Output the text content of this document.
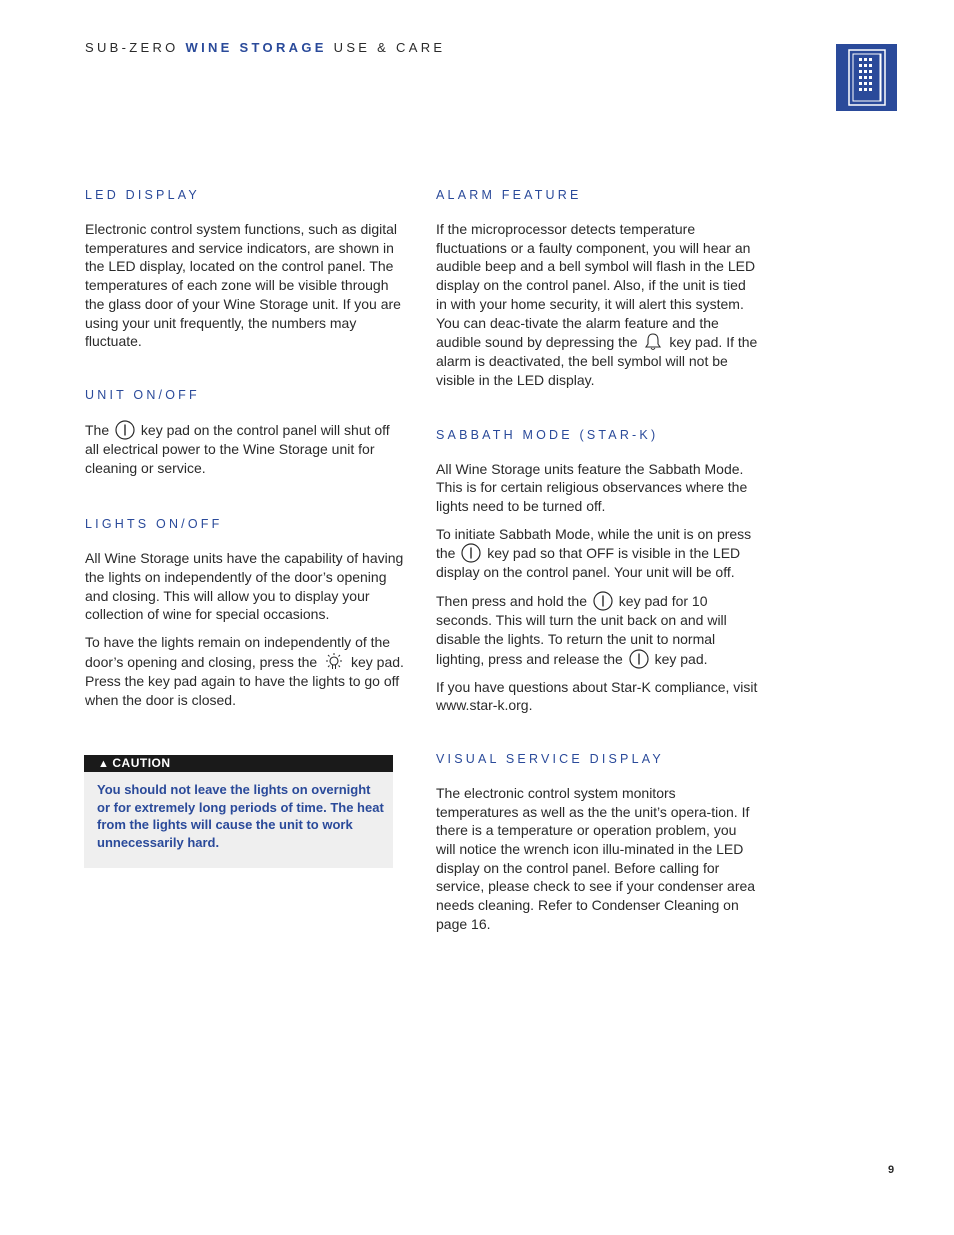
SUB-ZERO WINE STORAGE USE & CARE
LED DISPLAY

Electronic control system functions, such as digital temperatures and service indicators, are shown in the LED display, located on the control panel. The temperatures of each zone will be visible through the glass door of your Wine Storage unit. If you are using your unit frequently, the numbers may fluctuate.

UNIT ON/OFF

The key pad on the control panel will shut off all electrical power to the Wine Storage unit for cleaning or service.

LIGHTS ON/OFF

All Wine Storage units have the capability of having the lights on independently of the door’s opening and closing. This will allow you to display your collection of wine for special occasions.

To have the lights remain on independently of the door’s opening and closing, press the key pad. Press the key pad again to have the lights to go off when the door is closed.

▲ CAUTION
You should not leave the lights on overnight or for extremely long periods of time. The heat from the lights will cause the unit to work unnecessarily hard.
ALARM FEATURE

If the microprocessor detects temperature fluctuations or a faulty component, you will hear an audible beep and a bell symbol will flash in the LED display on the control panel. Also, if the unit is tied in with your home security, it will alert this system. You can deac-tivate the alarm feature and the audible sound by depressing the key pad. If the alarm is deactivated, the bell symbol will not be visible in the LED display.

SABBATH MODE (STAR-K)

All Wine Storage units feature the Sabbath Mode. This is for certain religious observances where the lights need to be turned off.

To initiate Sabbath Mode, while the unit is on press the key pad so that OFF is visible in the LED display on the control panel. Your unit will be off.

Then press and hold the key pad for 10 seconds. This will turn the unit back on and will disable the lights. To return the unit to normal lighting, press and release the key pad.

If you have questions about Star-K compliance, visit www.star-k.org.

VISUAL SERVICE DISPLAY

The electronic control system monitors temperatures as well as the the unit’s opera-tion. If there is a temperature or operation problem, you will notice the wrench icon illu-minated in the LED display on the control panel. Before calling for service, please check to see if your condenser area needs cleaning. Refer to Condenser Cleaning on page 16.

9
